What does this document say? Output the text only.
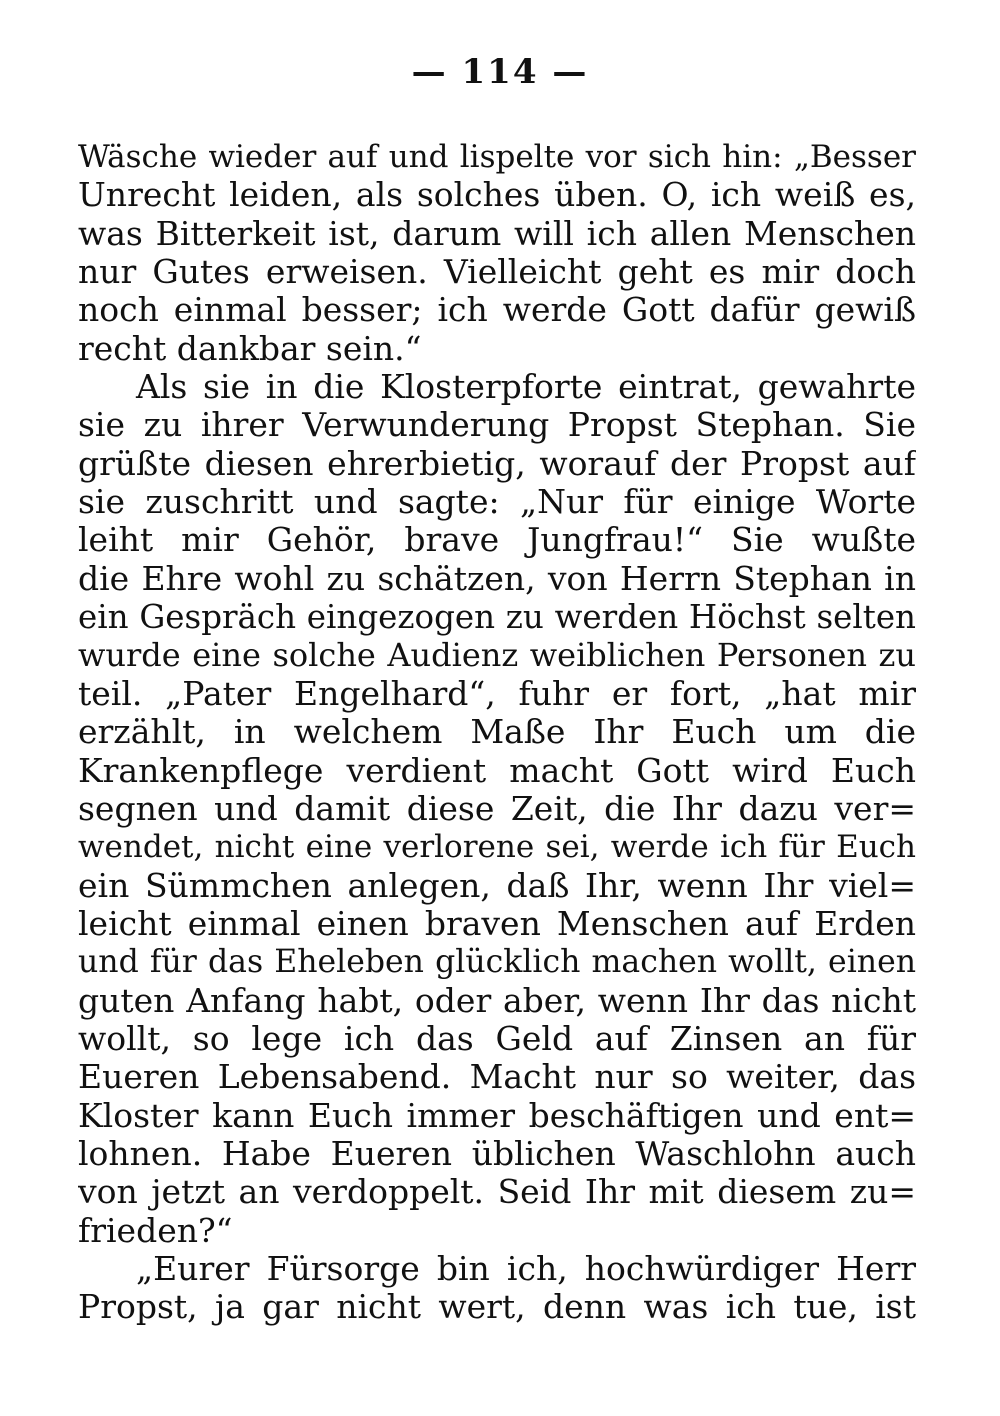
— 114 —
Wäsche wieder auf und lispelte vor sich hin: „Besser
Unrecht leiden, als solches üben. O, ich weiß es,
was Bitterkeit ist, darum will ich allen Menschen
nur Gutes erweisen. Vielleicht geht es mir doch
noch einmal besser; ich werde Gott dafür gewiß
recht dankbar sein.“
Als sie in die Klosterpforte eintrat, gewahrte
sie zu ihrer Verwunderung Propst Stephan. Sie
grüßte diesen ehrerbietig, worauf der Propst auf
sie zuschritt und sagte: „Nur für einige Worte
leiht mir Gehör, brave Jungfrau!“ Sie wußte
die Ehre wohl zu schätzen, von Herrn Stephan in
ein Gespräch eingezogen zu werden Höchst selten
wurde eine solche Audienz weiblichen Personen zu
teil. „Pater Engelhard“, fuhr er fort, „hat mir
erzählt, in welchem Maße Ihr Euch um die
Krankenpflege verdient macht Gott wird Euch
segnen und damit diese Zeit, die Ihr dazu ver=
wendet, nicht eine verlorene sei, werde ich für Euch
ein Sümmchen anlegen, daß Ihr, wenn Ihr viel=
leicht einmal einen braven Menschen auf Erden
und für das Eheleben glücklich machen wollt, einen
guten Anfang habt, oder aber, wenn Ihr das nicht
wollt, so lege ich das Geld auf Zinsen an für
Eueren Lebensabend. Macht nur so weiter, das
Kloster kann Euch immer beschäftigen und ent=
lohnen. Habe Eueren üblichen Waschlohn auch
von jetzt an verdoppelt. Seid Ihr mit diesem zu=
frieden?“
„Eurer Fürsorge bin ich, hochwürdiger Herr
Propst, ja gar nicht wert, denn was ich tue, ist
